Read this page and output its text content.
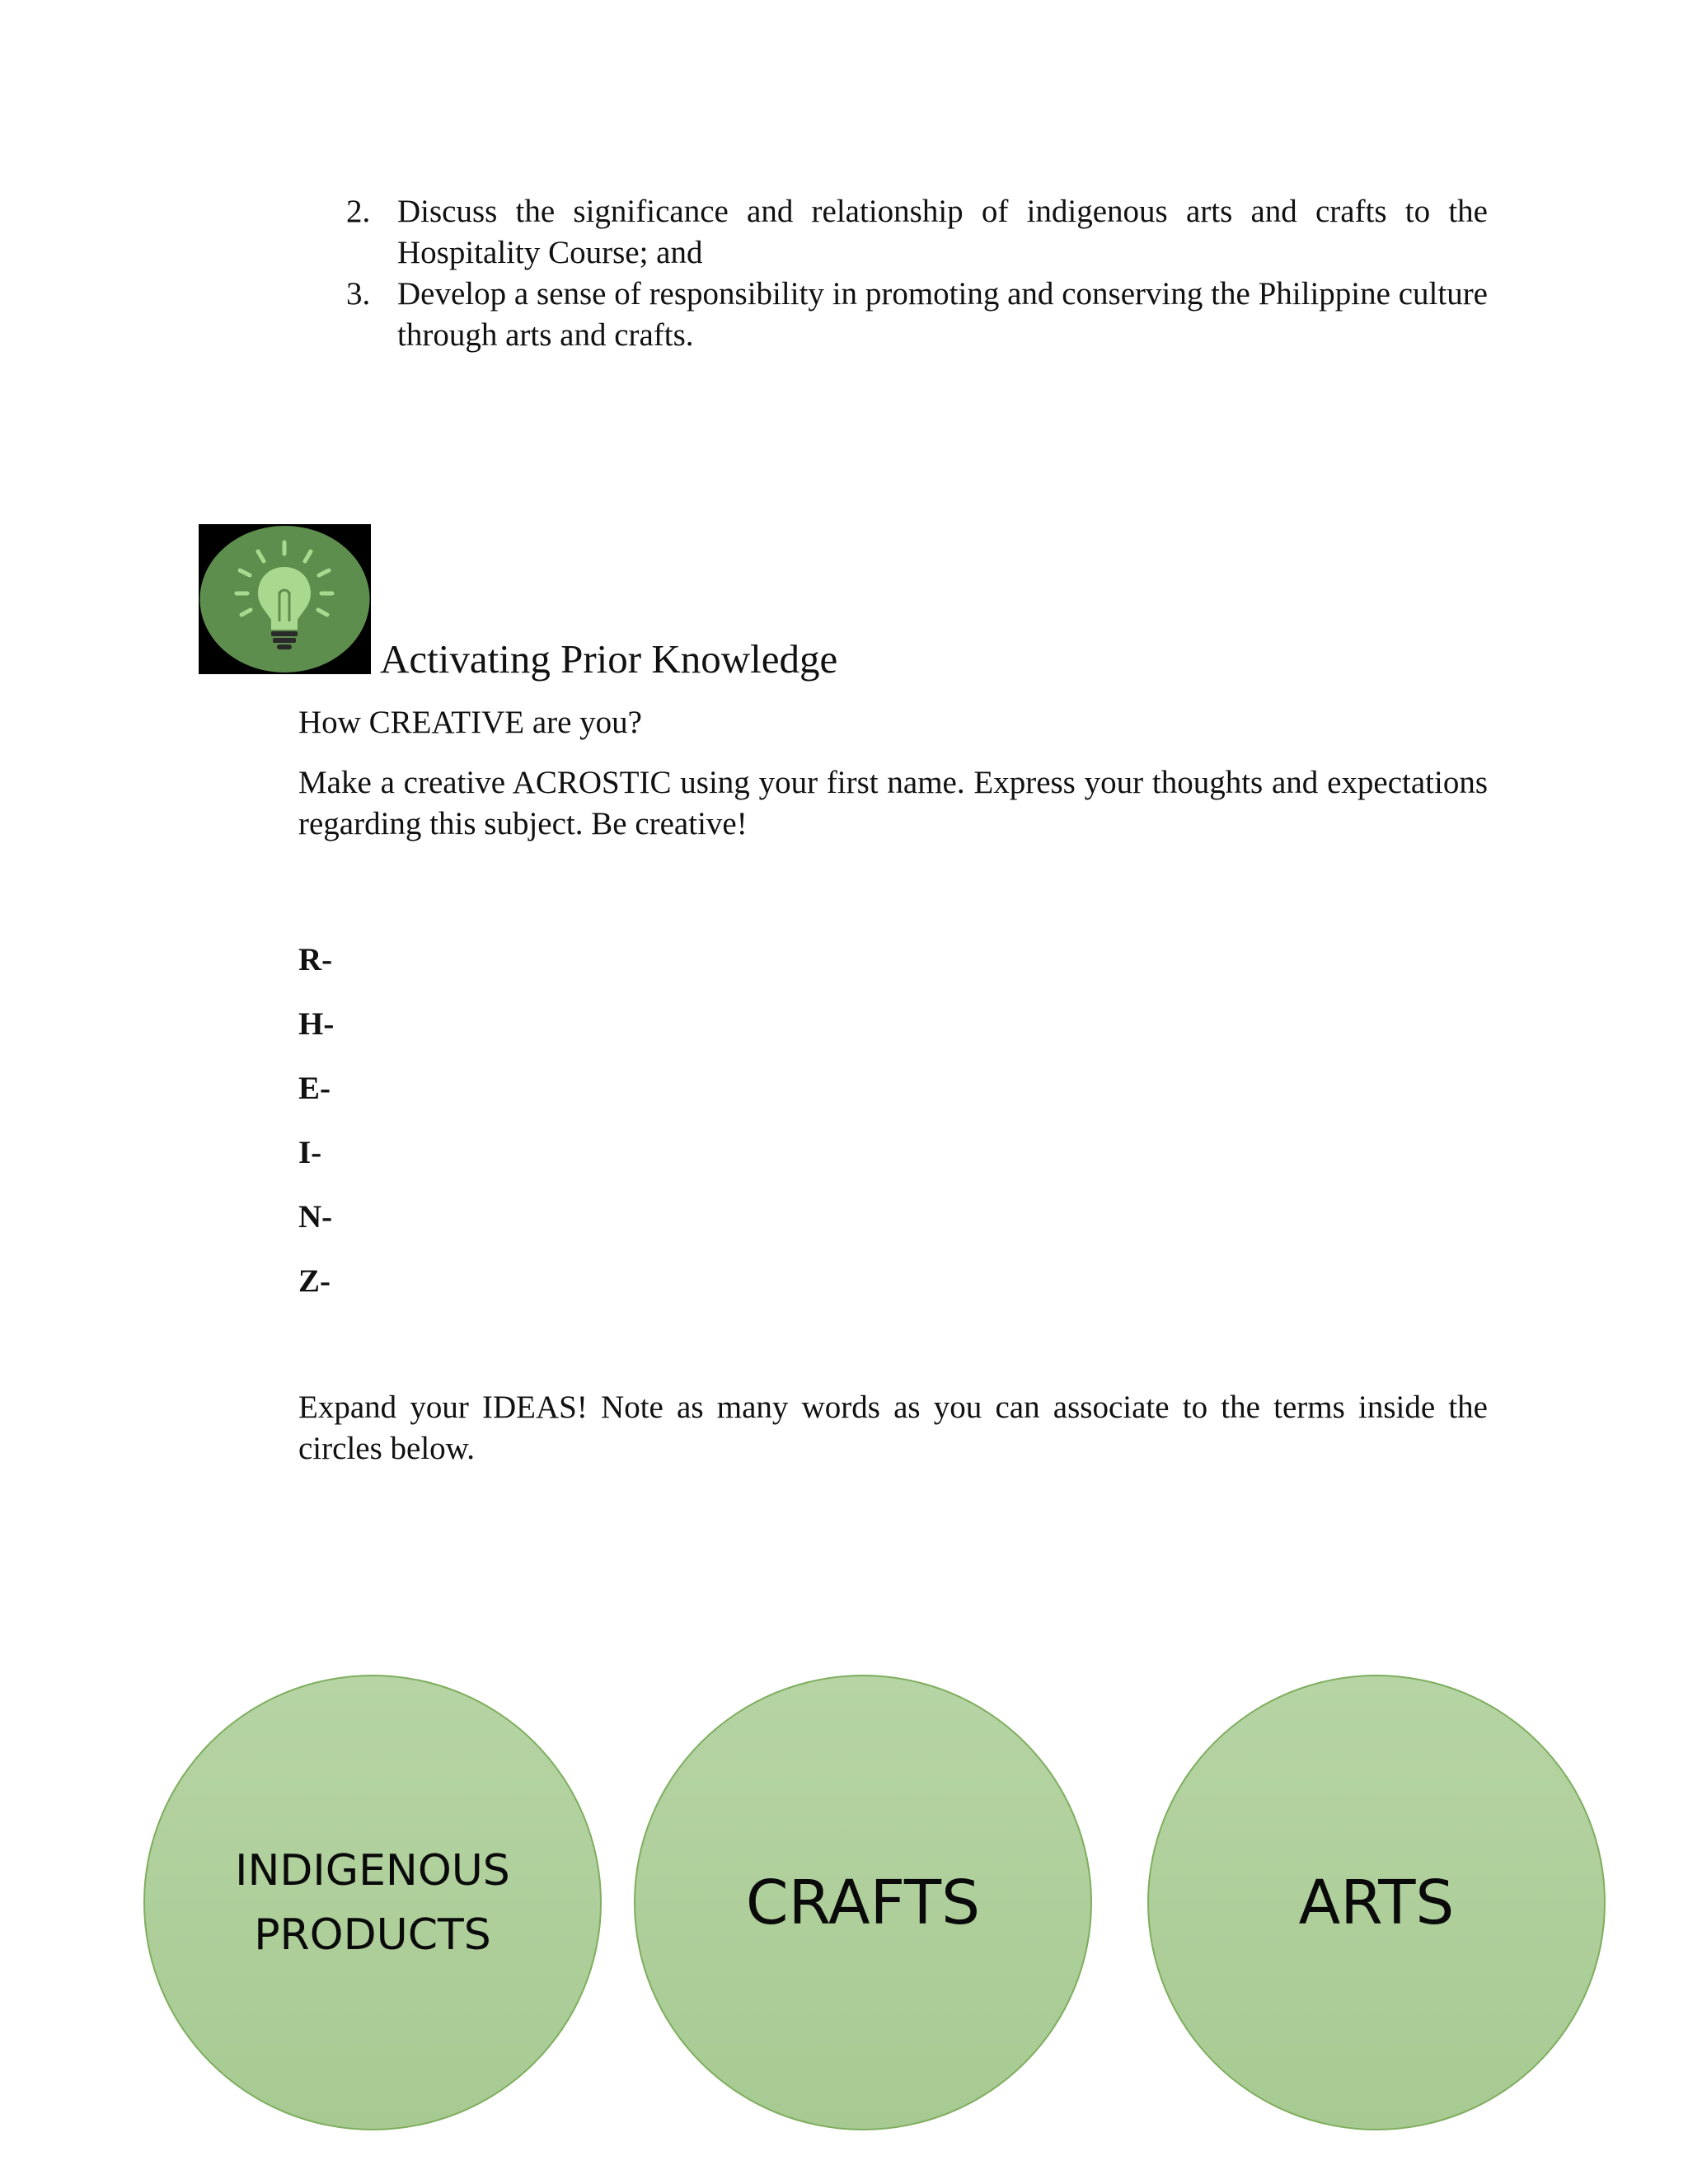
2. Discuss the significance and relationship of indigenous arts and crafts to the Hospitality Course; and
3. Develop a sense of responsibility in promoting and conserving the Philippine culture through arts and crafts.
Activating Prior Knowledge

How CREATIVE are you?

Make a creative ACROSTIC using your first name. Express your thoughts and expectations regarding this subject. Be creative!

R-
H-
E-
I-
N-
Z-

Expand your IDEAS! Note as many words as you can associate to the terms inside the circles below.

INDIGENOUS
PRODUCTS	CRAFTS	ARTS
